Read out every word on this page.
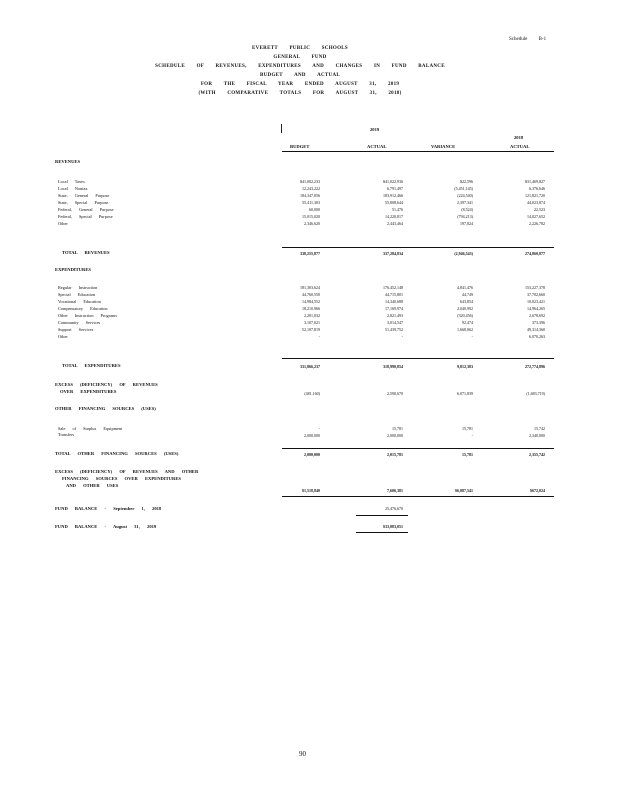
Schedule B-1
EVERETT PUBLIC SCHOOLS
GENERAL FUND
SCHEDULE OF REVENUES, EXPENDITURES AND CHANGES IN FUND BALANCE
BUDGET AND ACTUAL
FOR THE FISCAL YEAR ENDED AUGUST 31, 2019
(WITH COMPARATIVE TOTALS FOR AUGUST 31, 2018)
2019
2018
BUDGET	ACTUAL	VARIANCE	ACTUAL
REVENUES
Local Taxes	$41,002,233	$41,022,936	$22,596	$31,469,827
Local Nontax	12,243,222	6,791,497	(5,451,145)	6,376,646
State, General Purpose	184,347,056	183,912,466	(224,540)	121,821,720
State, Special Purpose	55,411,303	55,808,644	2,397,341	44,023,874
Federal, General Purpose	60,000	51,476	(8,524)	22,523
Federal, Special Purpose	15,015,020	14,220,817	(794,213)	14,027,652
Other	2,346,620	2,443,464	197,824	2,226,782
TOTAL REVENUES	338,255,877	337,284,834	(2,946,543)	274,860,877
EXPENDITURES
Regular Instruction	181,303,624	176,452,148	4,841,476	153,227,378
Special Education	44,760,550	44,715,801	44,749	37,702,660
Vocational Education	14,984,552	14,340,688	643,854	10,023,421
Compensatory Education	18,210,966	17,169,974	2,040,992	14,964,265
Other Instruction Programs	2,201,032	2,821,493	(320,456)	2,678,692
Community Services	3,107,021	3,014,547	92,474	373,396
Support Services	52,107,819	51,439,752	1,668,062	49,314,360
Other	-	-	-	6,070,263
TOTAL EXPENDITURES	331,866,237	318,990,854	9,812,383	272,774,896
EXCESS (DEFICIENCY) OF REVENUES
OVER EXPENDITURES	(481,160)	2,590,670	6,071,839	(1,683,719)
OTHER FINANCING SOURCES (USES)
Sale of Surplus Equipment	-	15,781	15,781	15,742
Transfers	2,000,000	2,000,000	-	2,340,000
TOTAL OTHER FINANCING SOURCES (USES)	2,000,000	2,015,781	15,781	2,355,742
EXCESS (DEFICIENCY) OF REVENUES AND OTHER
FINANCING SOURCES OVER EXPENDITURES
AND OTHER USES
$1,518,840	7,606,381	$6,087,541	$672,024
FUND BALANCE - September 1, 2018	25,476,670
FUND BALANCE - August 31, 2019	$33,083,051
90
